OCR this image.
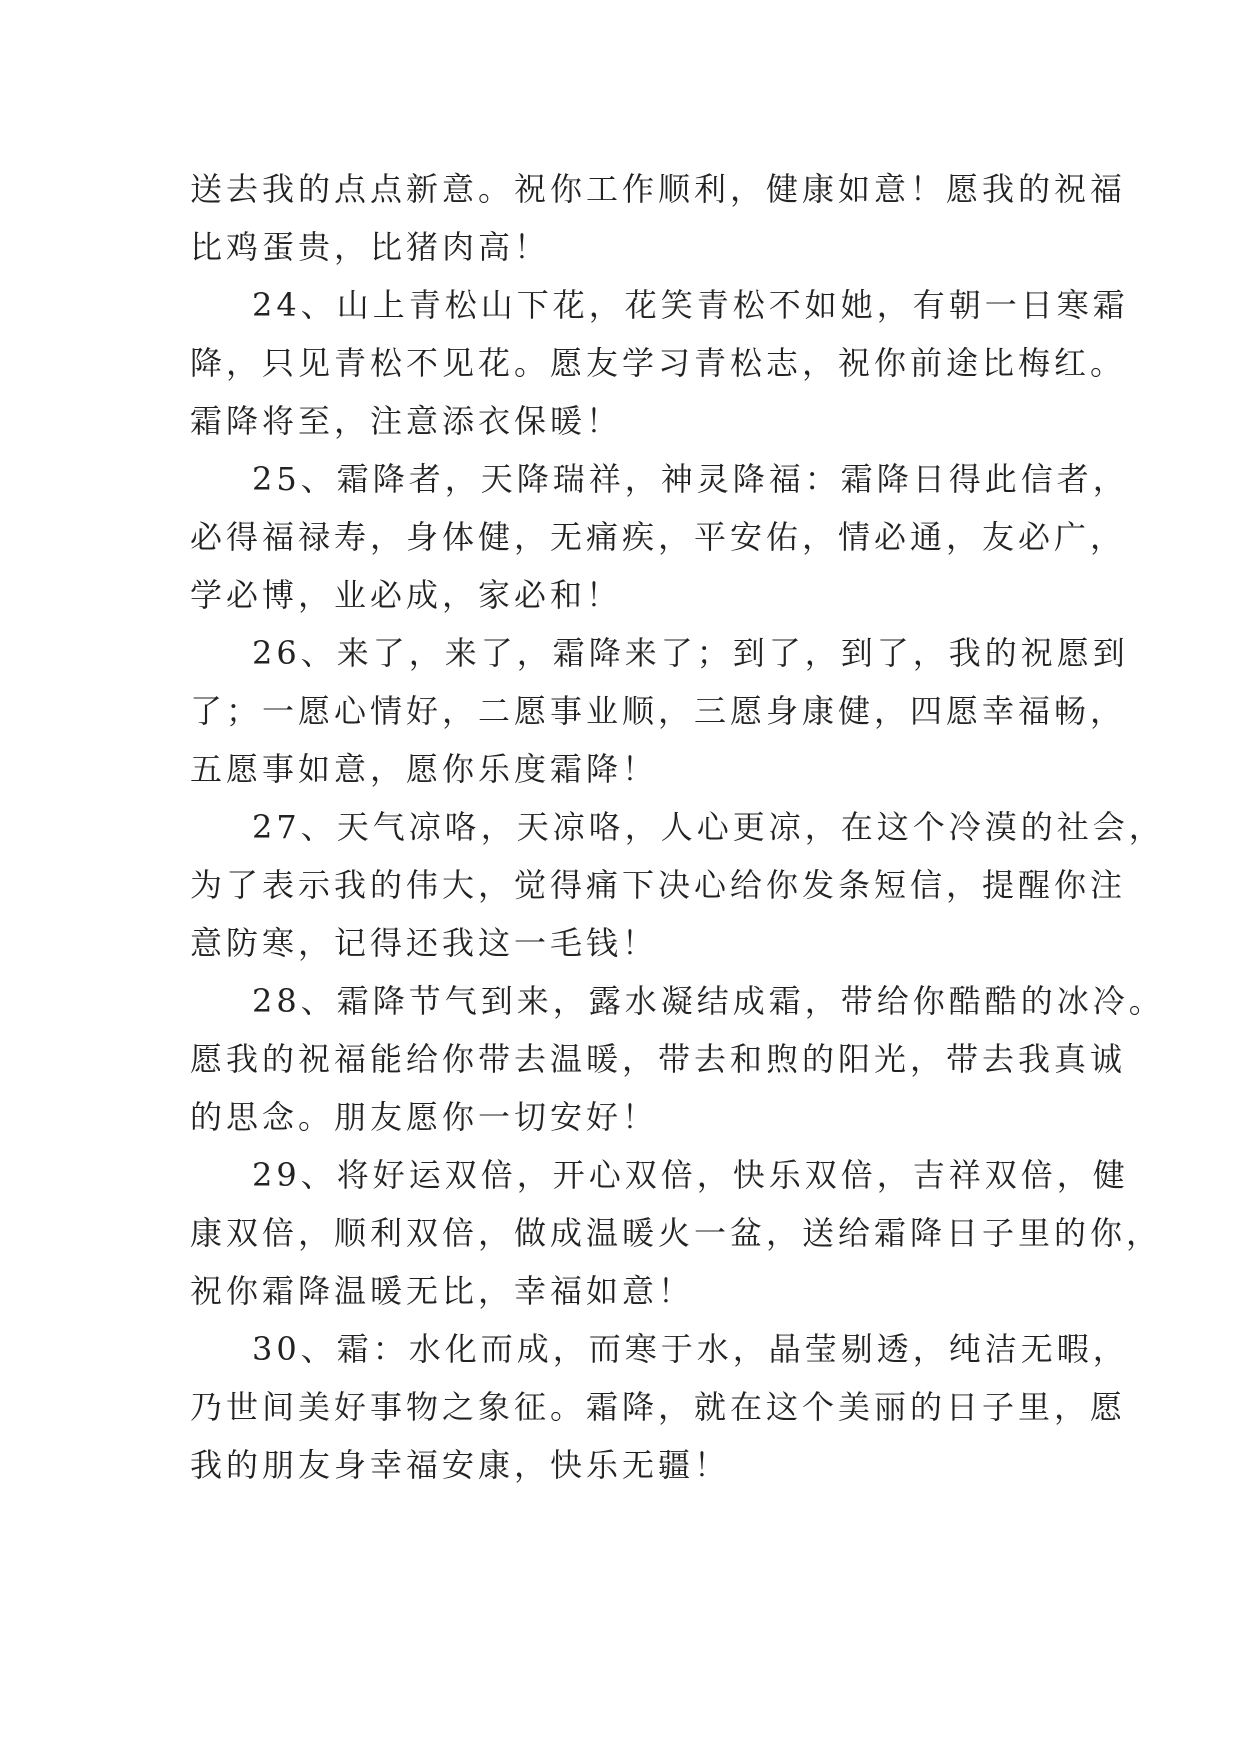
送去我的点点新意。祝你工作顺利，健康如意！愿我的祝福
比鸡蛋贵，比猪肉高！
24、山上青松山下花，花笑青松不如她，有朝一日寒霜
降，只见青松不见花。愿友学习青松志，祝你前途比梅红。
霜降将至，注意添衣保暖！
25、霜降者，天降瑞祥，神灵降福：霜降日得此信者，
必得福禄寿，身体健，无痛疾，平安佑，情必通，友必广，
学必博，业必成，家必和！
26、来了，来了，霜降来了；到了，到了，我的祝愿到
了；一愿心情好，二愿事业顺，三愿身康健，四愿幸福畅，
五愿事如意，愿你乐度霜降！
27、天气凉咯，天凉咯，人心更凉，在这个冷漠的社会，
为了表示我的伟大，觉得痛下决心给你发条短信，提醒你注
意防寒，记得还我这一毛钱！
28、霜降节气到来，露水凝结成霜，带给你酷酷的冰冷。
愿我的祝福能给你带去温暖，带去和煦的阳光，带去我真诚
的思念。朋友愿你一切安好！
29、将好运双倍，开心双倍，快乐双倍，吉祥双倍，健
康双倍，顺利双倍，做成温暖火一盆，送给霜降日子里的你，
祝你霜降温暖无比，幸福如意！
30、霜：水化而成，而寒于水，晶莹剔透，纯洁无暇，
乃世间美好事物之象征。霜降，就在这个美丽的日子里，愿
我的朋友身幸福安康，快乐无疆！
